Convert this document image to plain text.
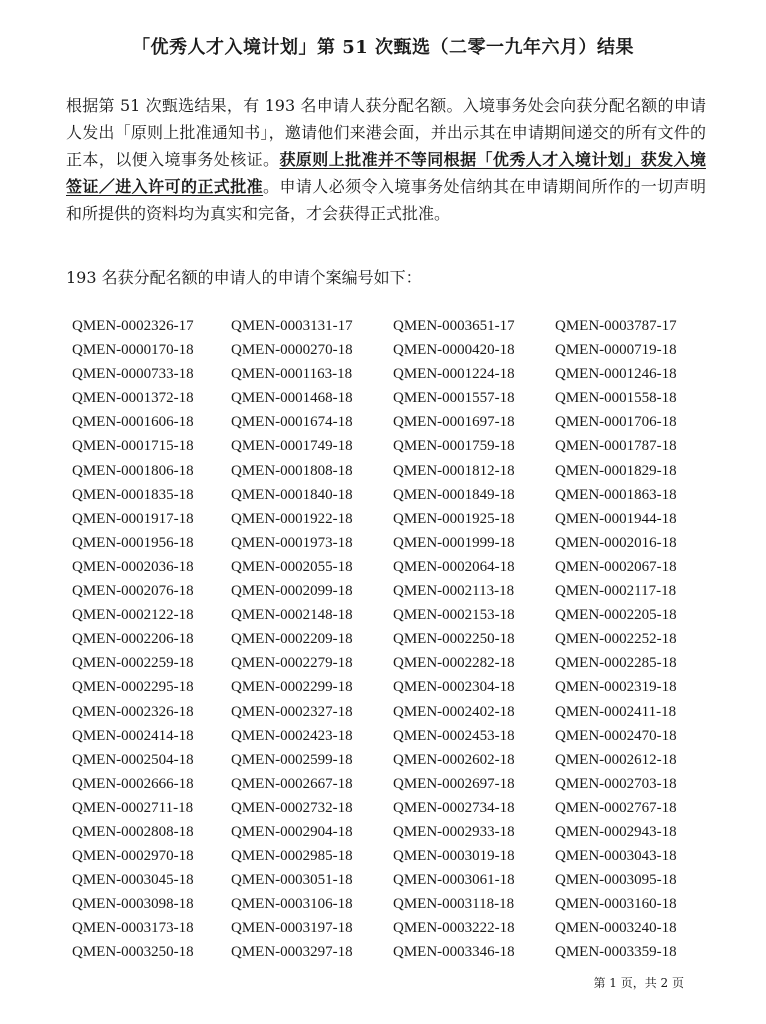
「优秀人才入境计划」第 51 次甄选（二零一九年六月）结果
根据第 51 次甄选结果，有 193 名申请人获分配名额。入境事务处会向获分配名额的申请人发出「原则上批准通知书」，邀请他们来港会面，并出示其在申请期间递交的所有文件的正本，以便入境事务处核证。获原则上批准并不等同根据「优秀人才入境计划」获发入境签证／进入许可的正式批准。申请人必须令入境事务处信纳其在申请期间所作的一切声明和所提供的资料均为真实和完备，才会获得正式批准。
193 名获分配名额的申请人的申请个案编号如下：
QMEN-0002326-17	QMEN-0003131-17	QMEN-0003651-17	QMEN-0003787-17
QMEN-0000170-18	QMEN-0000270-18	QMEN-0000420-18	QMEN-0000719-18
QMEN-0000733-18	QMEN-0001163-18	QMEN-0001224-18	QMEN-0001246-18
QMEN-0001372-18	QMEN-0001468-18	QMEN-0001557-18	QMEN-0001558-18
QMEN-0001606-18	QMEN-0001674-18	QMEN-0001697-18	QMEN-0001706-18
QMEN-0001715-18	QMEN-0001749-18	QMEN-0001759-18	QMEN-0001787-18
QMEN-0001806-18	QMEN-0001808-18	QMEN-0001812-18	QMEN-0001829-18
QMEN-0001835-18	QMEN-0001840-18	QMEN-0001849-18	QMEN-0001863-18
QMEN-0001917-18	QMEN-0001922-18	QMEN-0001925-18	QMEN-0001944-18
QMEN-0001956-18	QMEN-0001973-18	QMEN-0001999-18	QMEN-0002016-18
QMEN-0002036-18	QMEN-0002055-18	QMEN-0002064-18	QMEN-0002067-18
QMEN-0002076-18	QMEN-0002099-18	QMEN-0002113-18	QMEN-0002117-18
QMEN-0002122-18	QMEN-0002148-18	QMEN-0002153-18	QMEN-0002205-18
QMEN-0002206-18	QMEN-0002209-18	QMEN-0002250-18	QMEN-0002252-18
QMEN-0002259-18	QMEN-0002279-18	QMEN-0002282-18	QMEN-0002285-18
QMEN-0002295-18	QMEN-0002299-18	QMEN-0002304-18	QMEN-0002319-18
QMEN-0002326-18	QMEN-0002327-18	QMEN-0002402-18	QMEN-0002411-18
QMEN-0002414-18	QMEN-0002423-18	QMEN-0002453-18	QMEN-0002470-18
QMEN-0002504-18	QMEN-0002599-18	QMEN-0002602-18	QMEN-0002612-18
QMEN-0002666-18	QMEN-0002667-18	QMEN-0002697-18	QMEN-0002703-18
QMEN-0002711-18	QMEN-0002732-18	QMEN-0002734-18	QMEN-0002767-18
QMEN-0002808-18	QMEN-0002904-18	QMEN-0002933-18	QMEN-0002943-18
QMEN-0002970-18	QMEN-0002985-18	QMEN-0003019-18	QMEN-0003043-18
QMEN-0003045-18	QMEN-0003051-18	QMEN-0003061-18	QMEN-0003095-18
QMEN-0003098-18	QMEN-0003106-18	QMEN-0003118-18	QMEN-0003160-18
QMEN-0003173-18	QMEN-0003197-18	QMEN-0003222-18	QMEN-0003240-18
QMEN-0003250-18	QMEN-0003297-18	QMEN-0003346-18	QMEN-0003359-18
第 1 页，共 2 页
